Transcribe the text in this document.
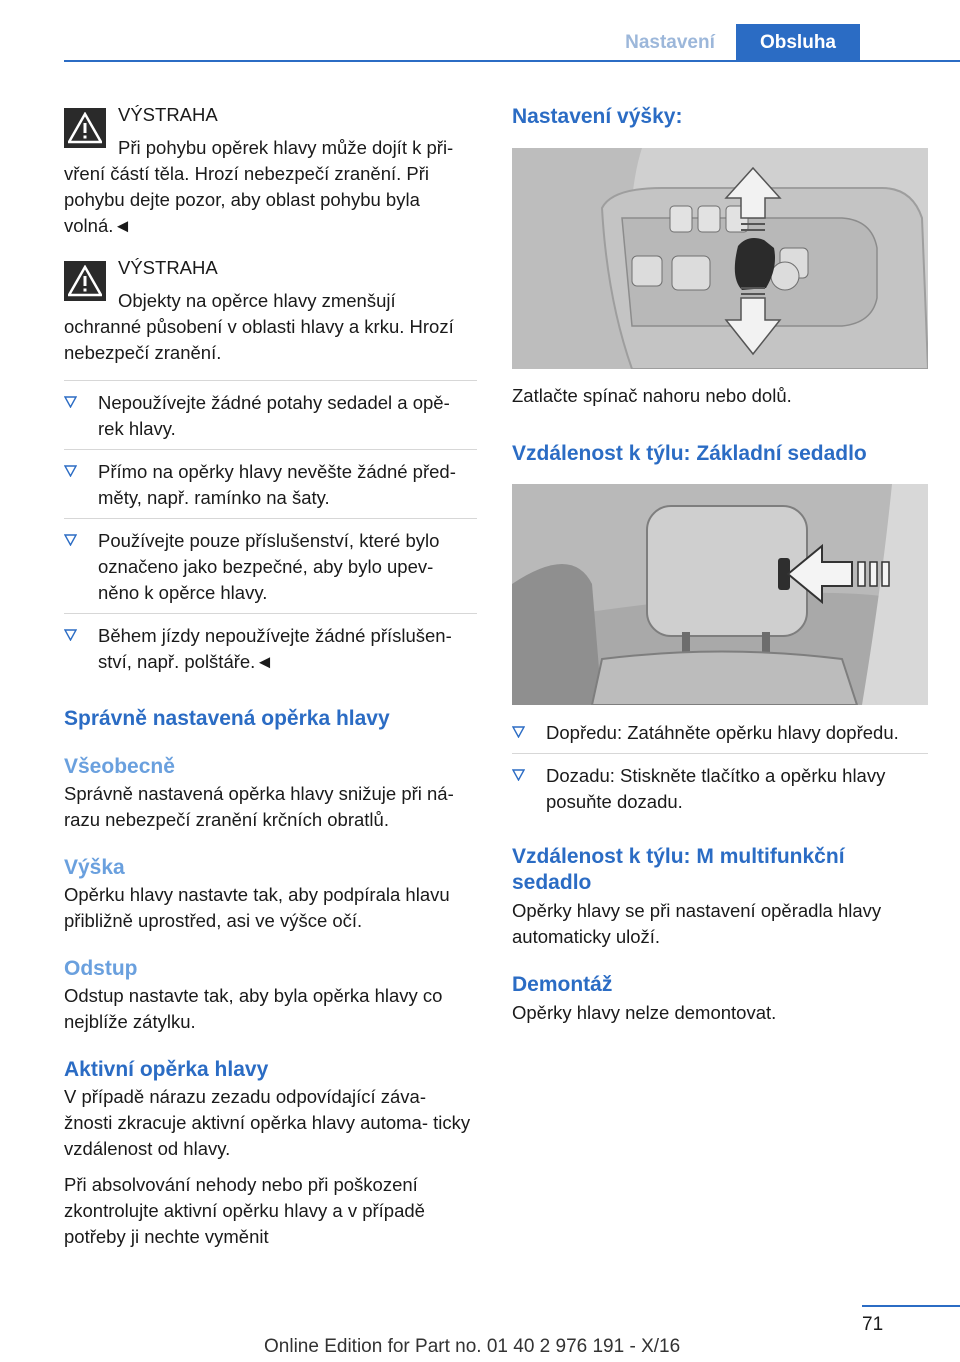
Nastavení	Obsluha
VÝSTRAHA
Při pohybu opěrek hlavy může dojít k při- vření částí těla. Hrozí nebezpečí zranění. Při pohybu dejte pozor, aby oblast pohybu byla volná.◄
VÝSTRAHA
Objekty na opěrce hlavy zmenšují ochranné působení v oblasti hlavy a krku. Hrozí nebezpečí zranění.
Nepoužívejte žádné potahy sedadel a opě- rek hlavy.
Přímo na opěrky hlavy nevěšte žádné před- měty, např. ramínko na šaty.
Používejte pouze příslušenství, které bylo označeno jako bezpečné, aby bylo upev- něno k opěrce hlavy.
Během jízdy nepoužívejte žádné příslušen- ství, např. polštáře.◄
Správně nastavená opěrka hlavy
Všeobecně

Správně nastavená opěrka hlavy snižuje při ná- razu nebezpečí zranění krčních obratlů.

Výška

Opěrku hlavy nastavte tak, aby podpírala hlavu přibližně uprostřed, asi ve výšce očí.

Odstup

Odstup nastavte tak, aby byla opěrka hlavy co nejblíže zátylku.

Aktivní opěrka hlavy

V případě nárazu zezadu odpovídající záva- žnosti zkracuje aktivní opěrka hlavy automa- ticky vzdálenost od hlavy.

Při absolvování nehody nebo při poškození zkontrolujte aktivní opěrku hlavy a v případě potřeby ji nechte vyměnit

Nastavení výšky:

Zatlačte spínač nahoru nebo dolů.

Vzdálenost k týlu: Základní sedadlo
Dopředu: Zatáhněte opěrku hlavy dopředu.
Dozadu: Stiskněte tlačítko a opěrku hlavy posuňte dozadu.
Vzdálenost k týlu: M multifunkční sedadlo

Opěrky hlavy se při nastavení opěradla hlavy automaticky uloží.

Demontáž

Opěrky hlavy nelze demontovat.

71
Online Edition for Part no. 01 40 2 976 191 - X/16
